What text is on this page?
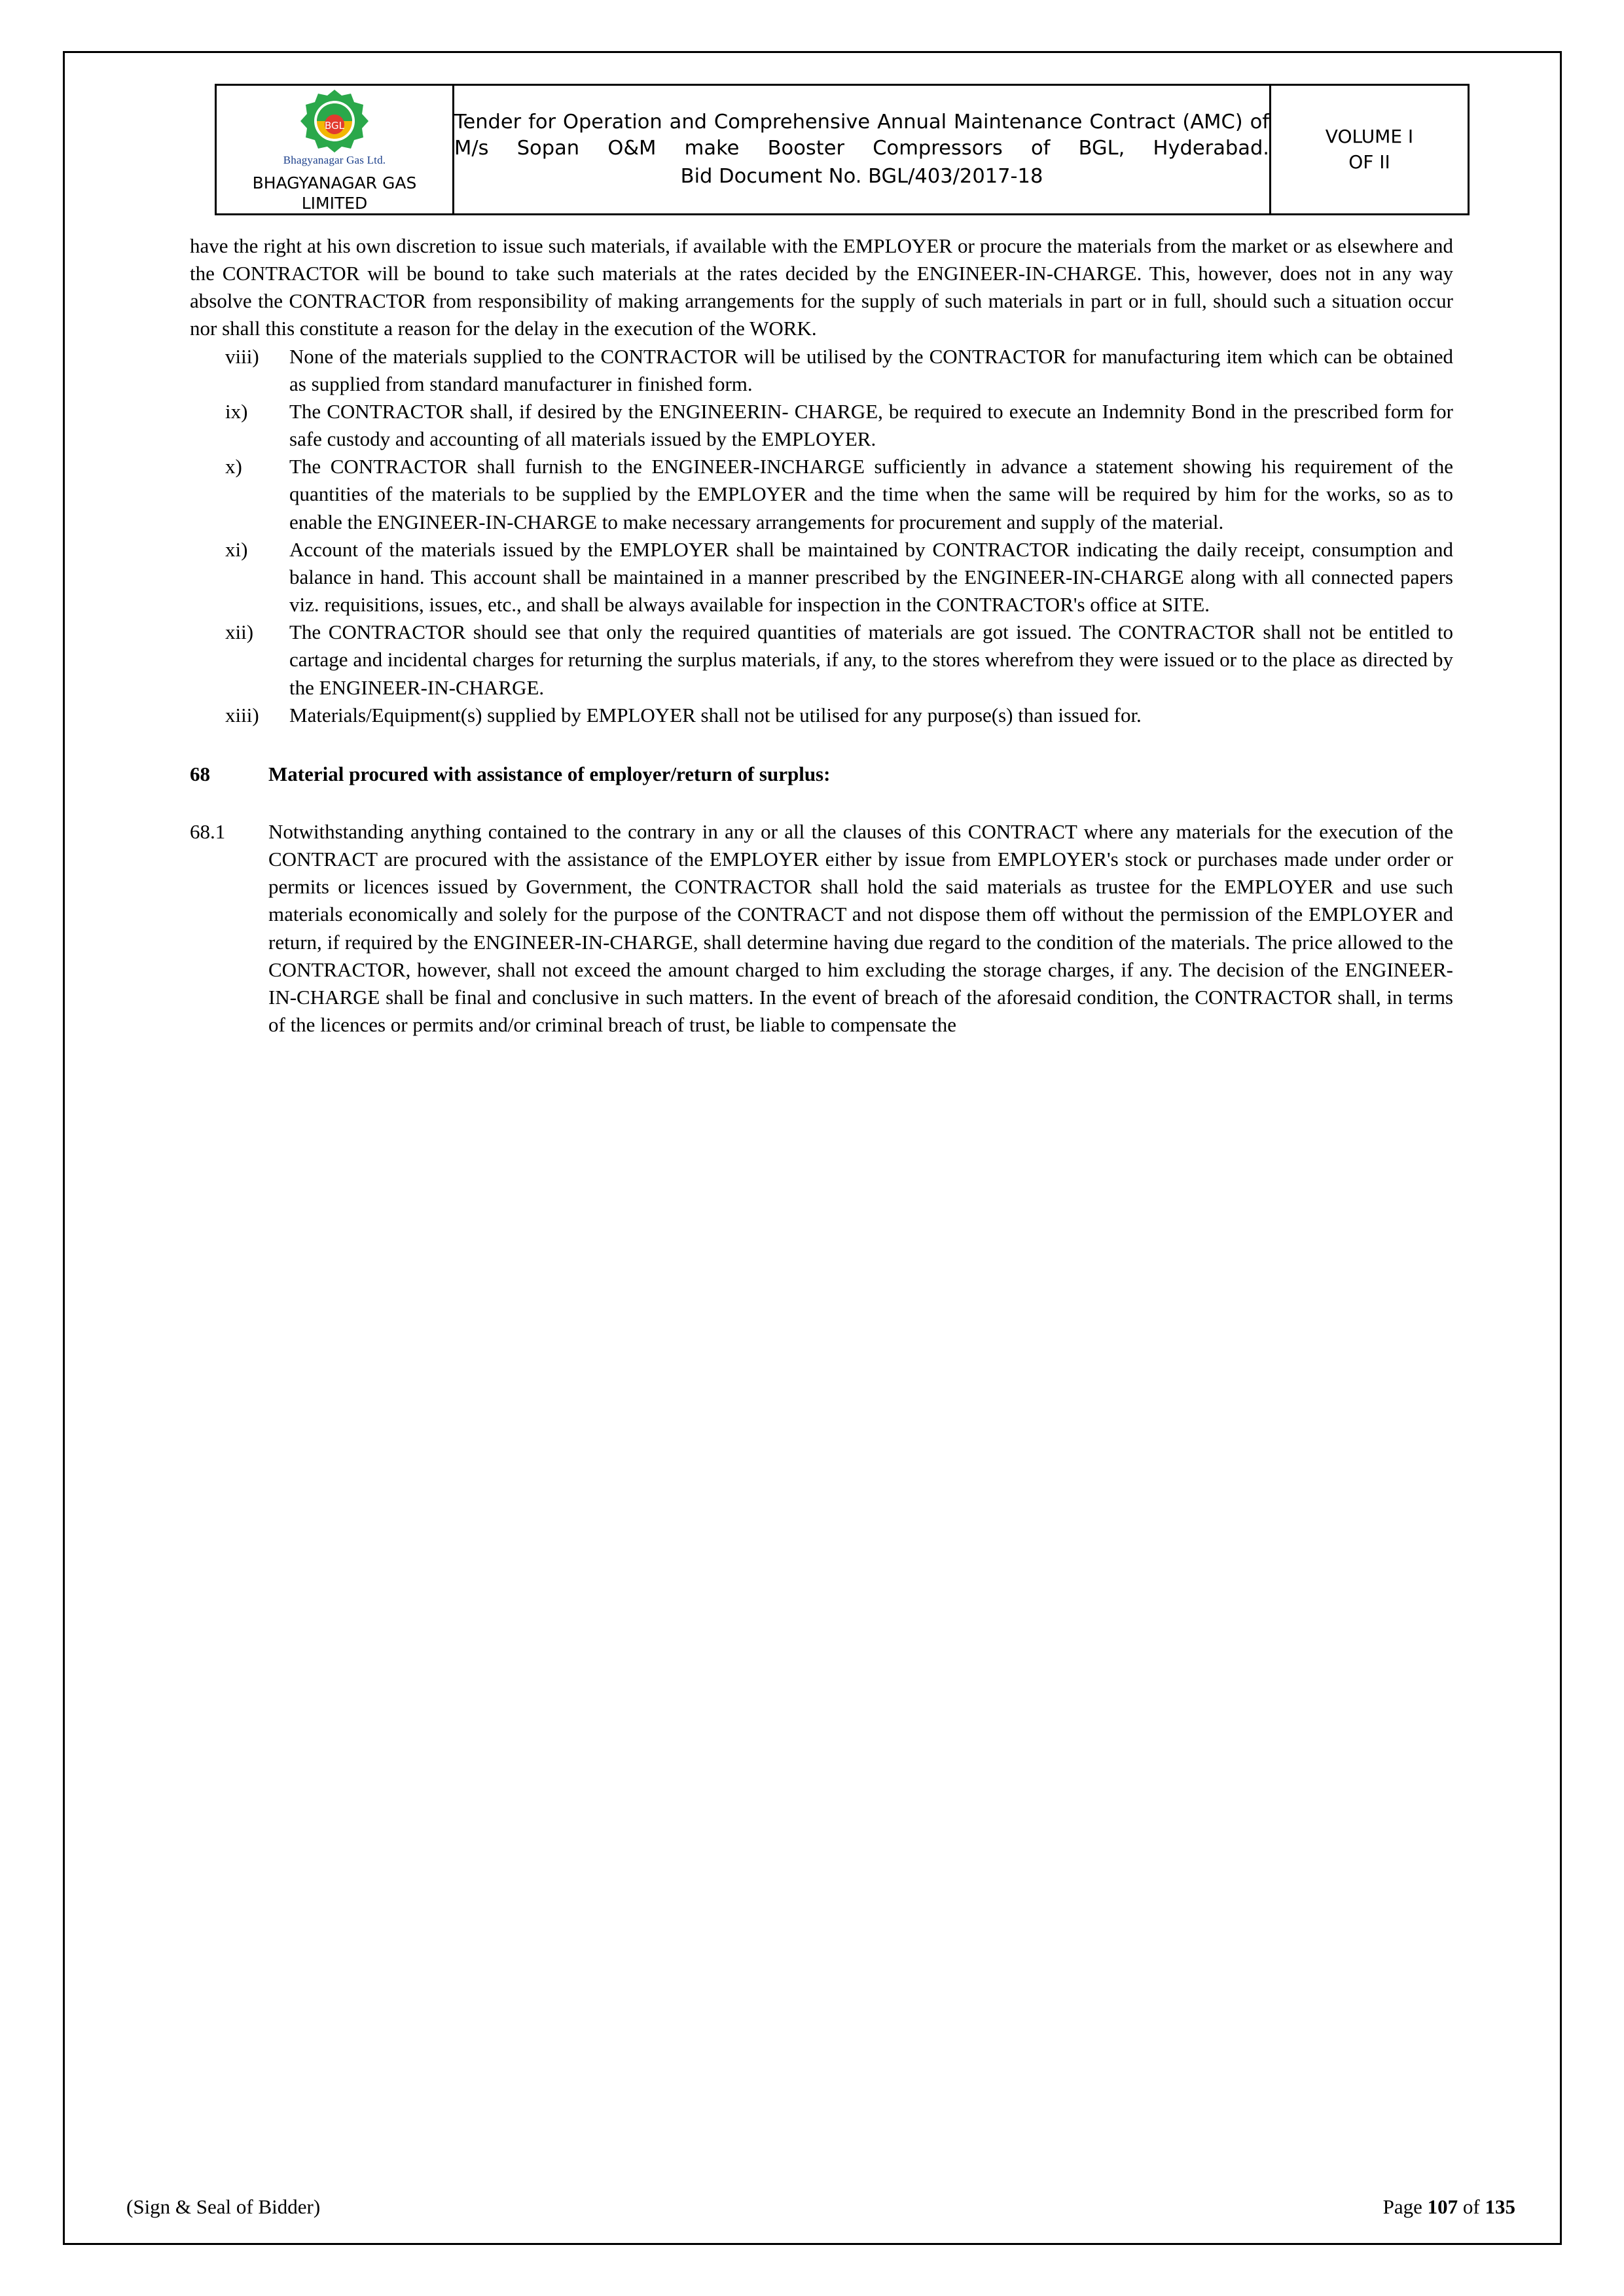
BGL
Bhagyanagar Gas Ltd.
BHAGYANAGAR GAS
LIMITED

Tender for Operation and Comprehensive Annual Maintenance Contract (AMC) of M/s Sopan O&M make Booster Compressors of BGL, Hyderabad.
Bid Document No. BGL/403/2017-18

VOLUME I
OF II

have the right at his own discretion to issue such materials, if available with the EMPLOYER or procure the materials from the market or as elsewhere and the CONTRACTOR will be bound to take such materials at the rates decided by the ENGINEER-IN-CHARGE. This, however, does not in any way absolve the CONTRACTOR from responsibility of making arrangements for the supply of such materials in part or in full, should such a situation occur nor shall this constitute a reason for the delay in the execution of the WORK.

viii)	None of the materials supplied to the CONTRACTOR will be utilised by the CONTRACTOR for manufacturing item which can be obtained as supplied from standard manufacturer in finished form.
ix)	The CONTRACTOR shall, if desired by the ENGINEERIN- CHARGE, be required to execute an Indemnity Bond in the prescribed form for safe custody and accounting of all materials issued by the EMPLOYER.
x)	The CONTRACTOR shall furnish to the ENGINEER-INCHARGE sufficiently in advance a statement showing his requirement of the quantities of the materials to be supplied by the EMPLOYER and the time when the same will be required by him for the works, so as to enable the ENGINEER-IN-CHARGE to make necessary arrangements for procurement and supply of the material.
xi)	Account of the materials issued by the EMPLOYER shall be maintained by CONTRACTOR indicating the daily receipt, consumption and balance in hand. This account shall be maintained in a manner prescribed by the ENGINEER-IN-CHARGE along with all connected papers viz. requisitions, issues, etc., and shall be always available for inspection in the CONTRACTOR's office at SITE.
xii)	The CONTRACTOR should see that only the required quantities of materials are got issued. The CONTRACTOR shall not be entitled to cartage and incidental charges for returning the surplus materials, if any, to the stores wherefrom they were issued or to the place as directed by the ENGINEER-IN-CHARGE.
xiii)	Materials/Equipment(s) supplied by EMPLOYER shall not be utilised for any purpose(s) than issued for.
68	Material procured with assistance of employer/return of surplus:
68.1	Notwithstanding anything contained to the contrary in any or all the clauses of this CONTRACT where any materials for the execution of the CONTRACT are procured with the assistance of the EMPLOYER either by issue from EMPLOYER's stock or purchases made under order or permits or licences issued by Government, the CONTRACTOR shall hold the said materials as trustee for the EMPLOYER and use such materials economically and solely for the purpose of the CONTRACT and not dispose them off without the permission of the EMPLOYER and return, if required by the ENGINEER-IN-CHARGE, shall determine having due regard to the condition of the materials. The price allowed to the CONTRACTOR, however, shall not exceed the amount charged to him excluding the storage charges, if any. The decision of the ENGINEER-IN-CHARGE shall be final and conclusive in such matters. In the event of breach of the aforesaid condition, the CONTRACTOR shall, in terms of the licences or permits and/or criminal breach of trust, be liable to compensate the
(Sign & Seal of Bidder)	Page 107 of 135
